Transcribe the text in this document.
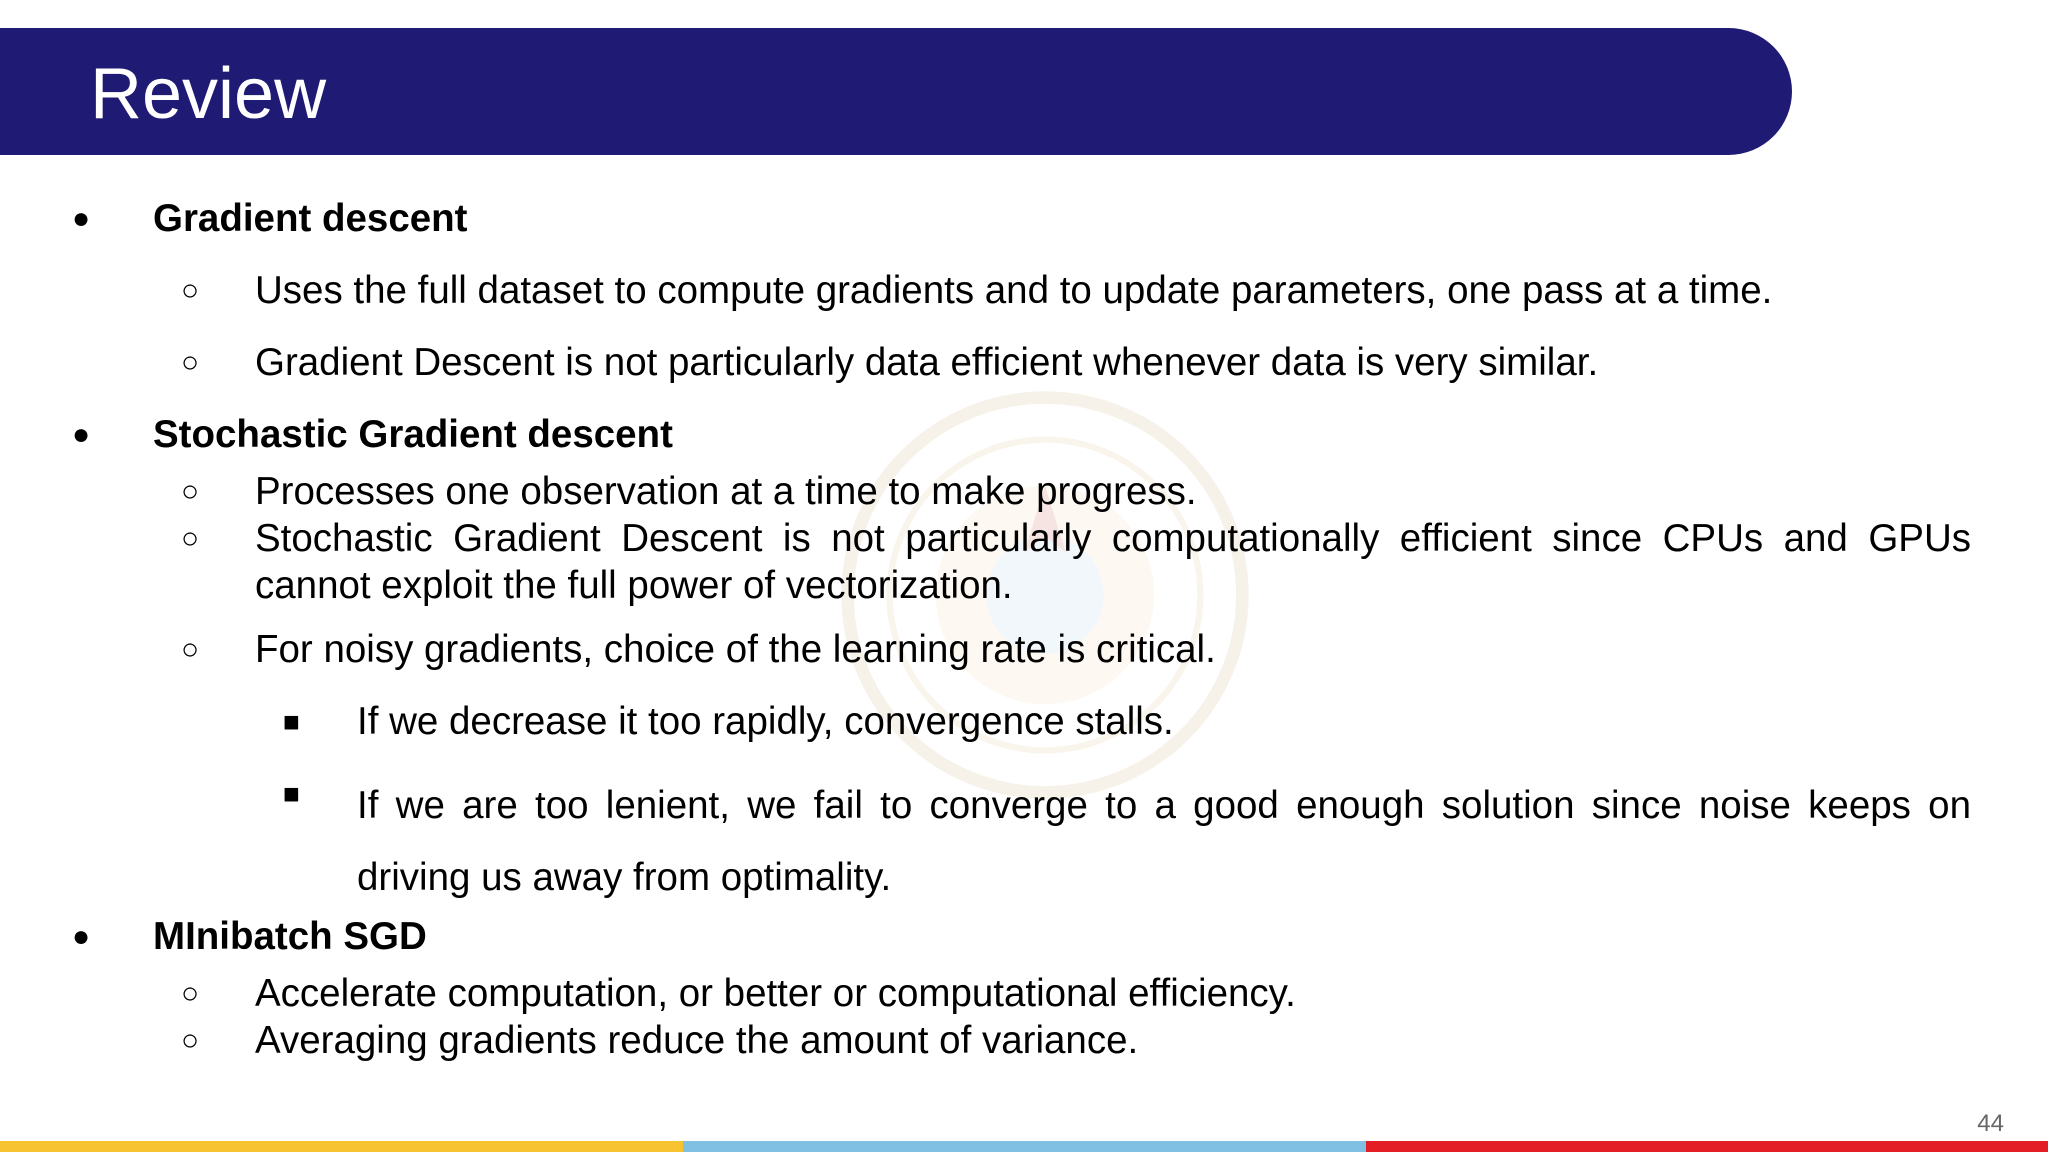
Review
● Gradient descent
○ Uses the full dataset to compute gradients and to update parameters, one pass at a time.
○ Gradient Descent is not particularly data efficient whenever data is very similar.
● Stochastic Gradient descent
○ Processes one observation at a time to make progress.
○ Stochastic Gradient Descent is not particularly computationally efficient since CPUs and GPUs cannot exploit the full power of vectorization.
○ For noisy gradients, choice of the learning rate is critical.
■ If we decrease it too rapidly, convergence stalls.
■ If we are too lenient, we fail to converge to a good enough solution since noise keeps on driving us away from optimality.
● MInibatch SGD
○ Accelerate computation, or better or computational efficiency.
○ Averaging gradients reduce the amount of variance.
44
